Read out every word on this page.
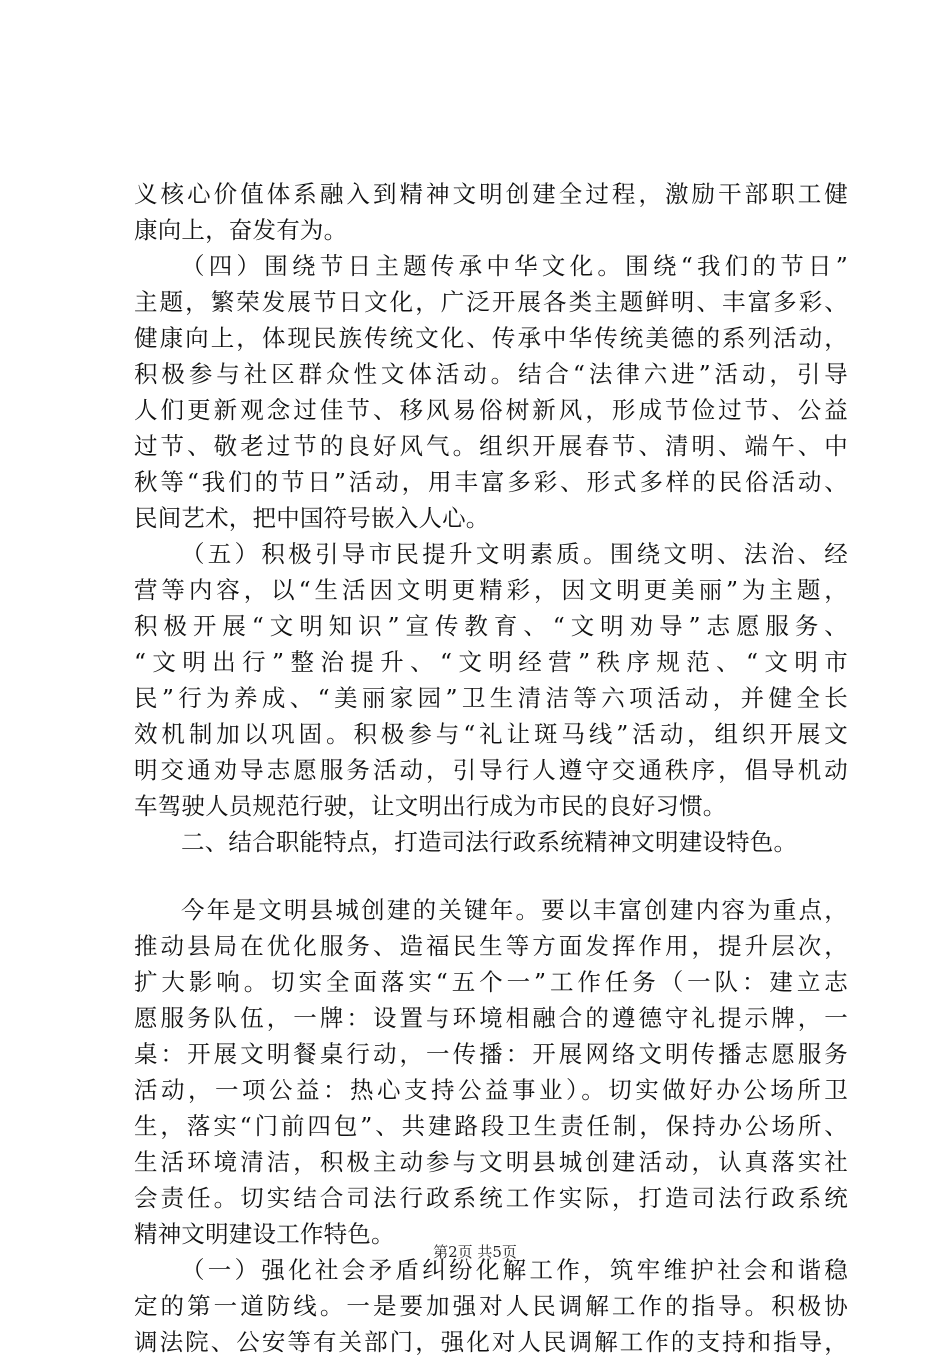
义核心价值体系融入到精神文明创建全过程，激励干部职工健
康向上，奋发有为。
（四）围绕节日主题传承中华文化。围绕“我们的节日”
主题，繁荣发展节日文化，广泛开展各类主题鲜明、丰富多彩、
健康向上，体现民族传统文化、传承中华传统美德的系列活动，
积极参与社区群众性文体活动。结合“法律六进”活动，引导
人们更新观念过佳节、移风易俗树新风，形成节俭过节、公益
过节、敬老过节的良好风气。组织开展春节、清明、端午、中
秋等“我们的节日”活动，用丰富多彩、形式多样的民俗活动、
民间艺术，把中国符号嵌入人心。
（五）积极引导市民提升文明素质。围绕文明、法治、经
营等内容，以“生活因文明更精彩，因文明更美丽”为主题，
积极开展“文明知识”宣传教育、“文明劝导”志愿服务、
“文明出行”整治提升、“文明经营”秩序规范、“文明市
民”行为养成、“美丽家园”卫生清洁等六项活动，并健全长
效机制加以巩固。积极参与“礼让斑马线”活动，组织开展文
明交通劝导志愿服务活动，引导行人遵守交通秩序，倡导机动
车驾驶人员规范行驶，让文明出行成为市民的良好习惯。
二、结合职能特点，打造司法行政系统精神文明建设特色。
今年是文明县城创建的关键年。要以丰富创建内容为重点，
推动县局在优化服务、造福民生等方面发挥作用，提升层次，
扩大影响。切实全面落实“五个一”工作任务（一队：建立志
愿服务队伍，一牌：设置与环境相融合的遵德守礼提示牌，一
桌：开展文明餐桌行动，一传播：开展网络文明传播志愿服务
活动，一项公益：热心支持公益事业）。切实做好办公场所卫
生，落实“门前四包”、共建路段卫生责任制，保持办公场所、
生活环境清洁，积极主动参与文明县城创建活动，认真落实社
会责任。切实结合司法行政系统工作实际，打造司法行政系统
精神文明建设工作特色。
（一）强化社会矛盾纠纷化解工作，筑牢维护社会和谐稳
定的第一道防线。一是要加强对人民调解工作的指导。积极协
调法院、公安等有关部门，强化对人民调解工作的支持和指导，
第2页 共5页
